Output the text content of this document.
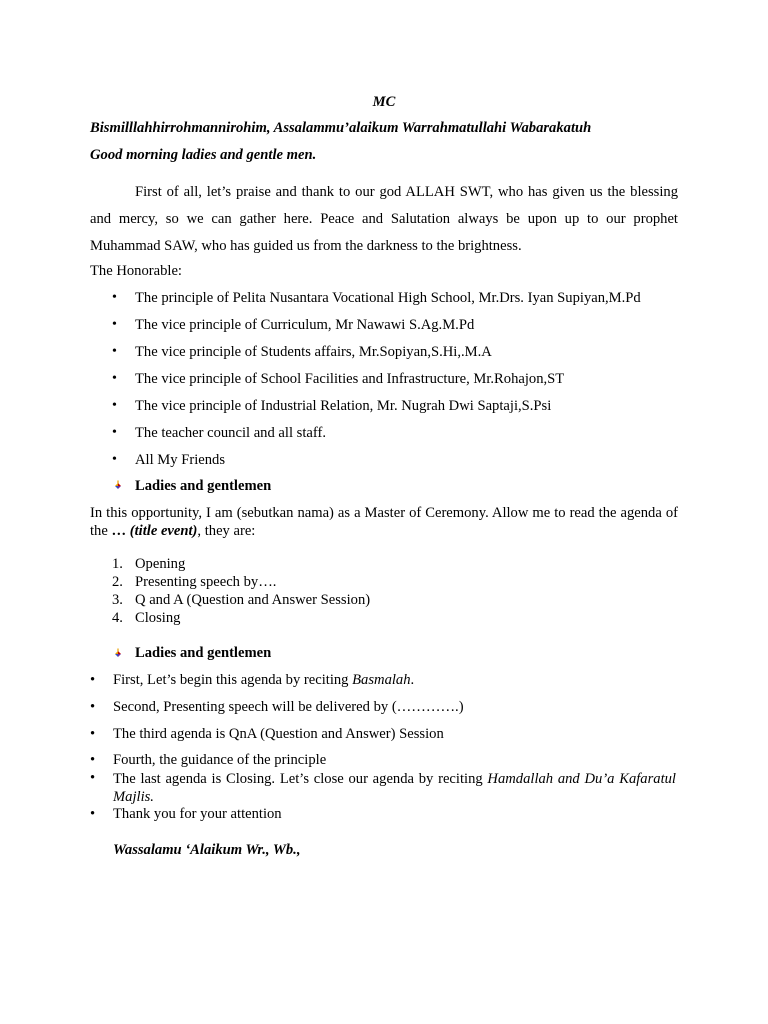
MC
Bismilllahhirrohmannirohim, Assalammu’alaikum Warrahmatullahi Wabarakatuh
Good morning ladies and gentle men.

First of all, let’s praise and thank to our god ALLAH SWT, who has given us the blessing and mercy, so we can gather here. Peace and Salutation always be upon up to our prophet Muhammad SAW, who has guided us from the darkness to the brightness.

The Honorable:
• The principle of Pelita Nusantara Vocational High School, Mr.Drs. Iyan Supiyan,M.Pd
• The vice principle of Curriculum, Mr Nawawi S.Ag.M.Pd
• The vice principle of Students affairs, Mr.Sopiyan,S.Hi,.M.A
• The vice principle of School Facilities and Infrastructure, Mr.Rohajon,ST
• The vice principle of Industrial Relation, Mr. Nugrah Dwi Saptaji,S.Psi
• The teacher council and all staff.
• All My Friends
Ladies and gentlemen
In this opportunity, I am (sebutkan nama) as a Master of Ceremony. Allow me to read the agenda of the … (title event), they are:
1. Opening
2. Presenting speech by….
3. Q and A (Question and Answer Session)
4. Closing
Ladies and gentlemen
• First, Let’s begin this agenda by reciting Basmalah.
• Second, Presenting speech will be delivered by (………….)
• The third agenda is QnA (Question and Answer) Session
• Fourth, the guidance of the principle
• The last agenda is Closing. Let’s close our agenda by reciting Hamdallah and Du’a Kafaratul Majlis.
• Thank you for your attention
Wassalamu ‘Alaikum Wr., Wb.,
